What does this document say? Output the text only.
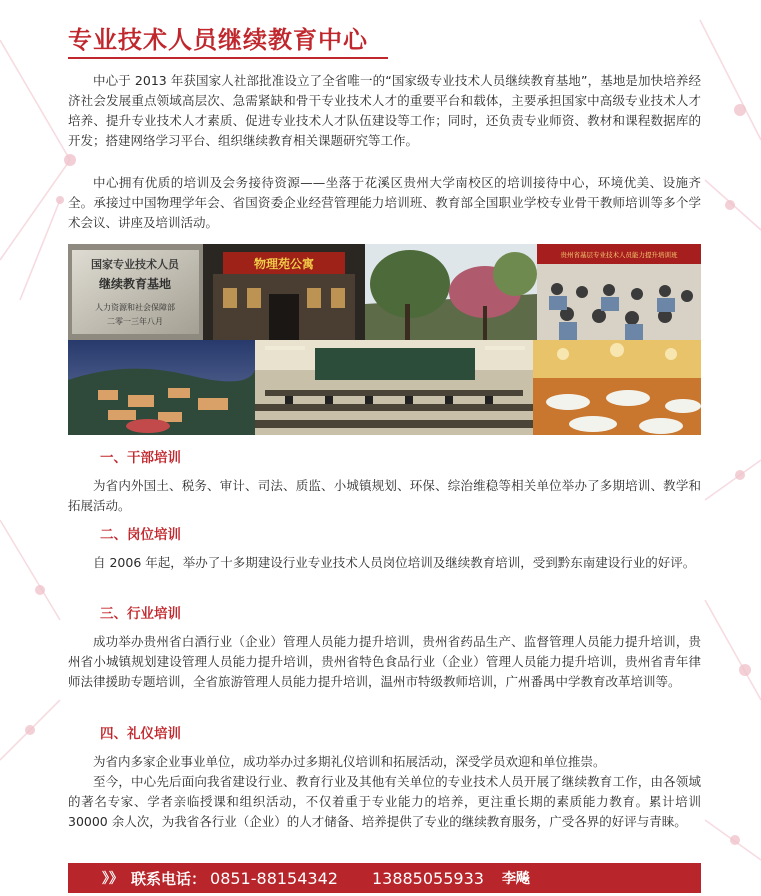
专业技术人员继续教育中心

中心于 2013 年获国家人社部批准设立了全省唯一的“国家级专业技术人员继续教育基地”，基地是加快培养经济社会发展重点领域高层次、急需紧缺和骨干专业技术人才的重要平台和载体，主要承担国家中高级专业技术人才培养、提升专业技术人才素质、促进专业技术人才队伍建设等工作；同时，还负责专业师资、教材和课程数据库的开发；搭建网络学习平台、组织继续教育相关课题研究等工作。

中心拥有优质的培训及会务接待资源——坐落于花溪区贵州大学南校区的培训接待中心，环境优美、设施齐全。承接过中国物理学年会、省国资委企业经营管理能力培训班、教育部全国职业学校专业骨干教师培训等多个学术会议、讲座及培训活动。

国家专业技术人员
继续教育基地
人力资源和社会保障部
二零一三年八月
物理苑公寓
贵州省基层专业技术人员能力提升培训班
一、干部培训

为省内外国土、税务、审计、司法、质监、小城镇规划、环保、综治维稳等相关单位举办了多期培训、教学和拓展活动。

二、岗位培训

自 2006 年起，举办了十多期建设行业专业技术人员岗位培训及继续教育培训，受到黔东南建设行业的好评。

三、行业培训

成功举办贵州省白酒行业（企业）管理人员能力提升培训，贵州省药品生产、监督管理人员能力提升培训，贵州省小城镇规划建设管理人员能力提升培训，贵州省特色食品行业（企业）管理人员能力提升培训，贵州省青年律师法律援助专题培训，全省旅游管理人员能力提升培训，温州市特级教师培训，广州番禺中学教育改革培训等。

四、礼仪培训

为省内多家企业事业单位，成功举办过多期礼仪培训和拓展活动，深受学员欢迎和单位推崇。

至今，中心先后面向我省建设行业、教育行业及其他有关单位的专业技术人员开展了继续教育工作，由各领域的著名专家、学者亲临授课和组织活动，不仅着重于专业能力的培养，更注重长期的素质能力教育。累计培训 30000 余人次，为我省各行业（企业）的人才储备、培养提供了专业的继续教育服务，广受各界的好评与青睐。

》》 联系电话： 0851-88154342 13885055933 李飚
